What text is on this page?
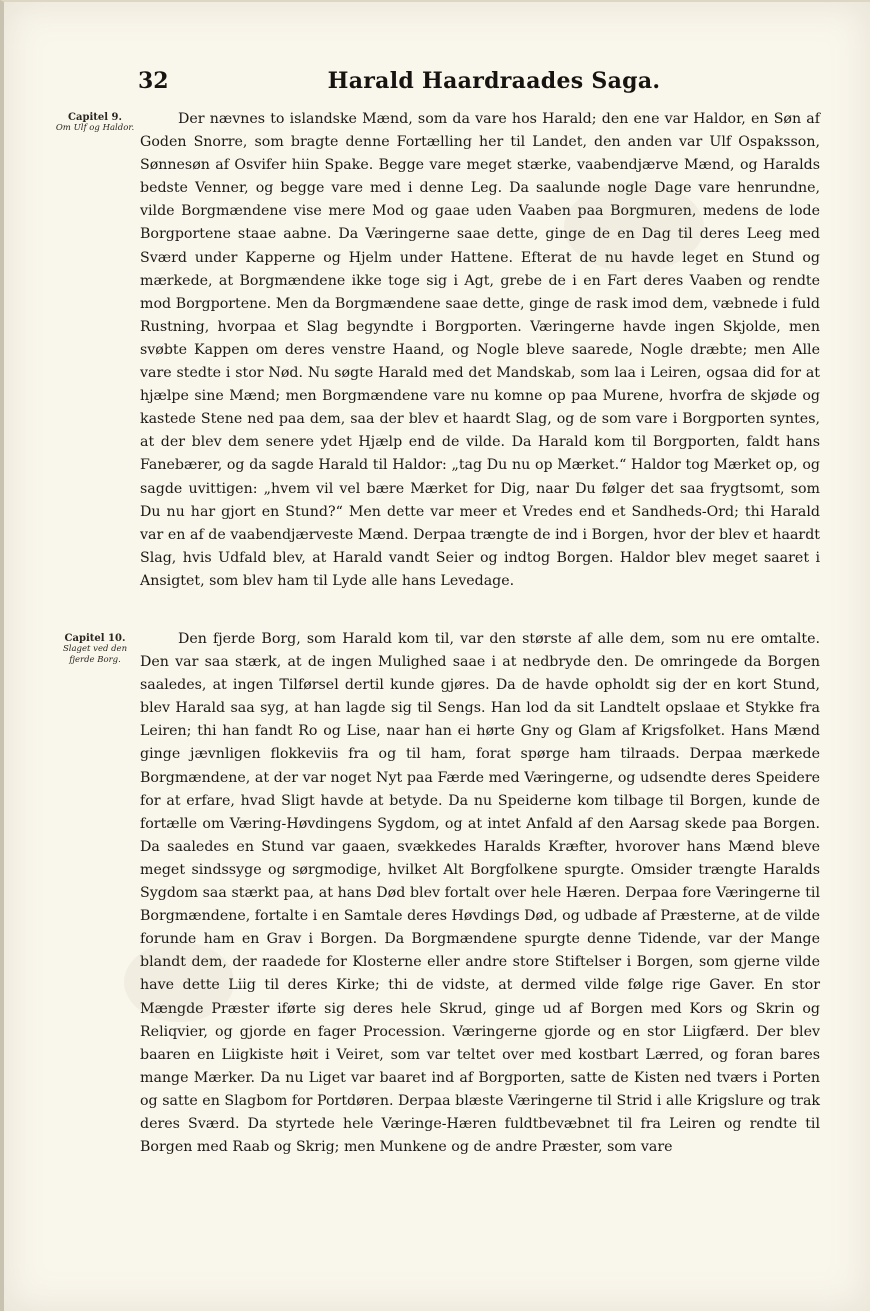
32	Harald Haardraades Saga.
Capitel 9.
Om Ulf og Haldor.

Der nævnes to islandske Mænd, som da vare hos Harald; den ene var Haldor, en Søn af Goden Snorre, som bragte denne Fortælling her til Landet, den anden var Ulf Ospaksson, Sønnesøn af Osvifer hiin Spake. Begge vare meget stærke, vaabendjærve Mænd, og Haralds bedste Venner, og begge vare med i denne Leg. Da saalunde nogle Dage vare henrundne, vilde Borgmændene vise mere Mod og gaae uden Vaaben paa Borgmuren, medens de lode Borgportene staae aabne. Da Væringerne saae dette, ginge de en Dag til deres Leeg med Sværd under Kapperne og Hjelm under Hattene. Efterat de nu havde leget en Stund og mærkede, at Borgmændene ikke toge sig i Agt, grebe de i en Fart deres Vaaben og rendte mod Borgportene. Men da Borgmændene saae dette, ginge de rask imod dem, væbnede i fuld Rustning, hvorpaa et Slag begyndte i Borgporten. Væringerne havde ingen Skjolde, men svøbte Kappen om deres venstre Haand, og Nogle bleve saarede, Nogle dræbte; men Alle vare stedte i stor Nød. Nu søgte Harald med det Mandskab, som laa i Leiren, ogsaa did for at hjælpe sine Mænd; men Borgmændene vare nu komne op paa Murene, hvorfra de skjøde og kastede Stene ned paa dem, saa der blev et haardt Slag, og de som vare i Borgporten syntes, at der blev dem senere ydet Hjælp end de vilde. Da Harald kom til Borgporten, faldt hans Fanebærer, og da sagde Harald til Haldor: „tag Du nu op Mærket.“ Haldor tog Mærket op, og sagde uvittigen: „hvem vil vel bære Mærket for Dig, naar Du følger det saa frygtsomt, som Du nu har gjort en Stund?“ Men dette var meer et Vredes end et Sandheds-Ord; thi Harald var en af de vaabendjærveste Mænd. Derpaa trængte de ind i Borgen, hvor der blev et haardt Slag, hvis Udfald blev, at Harald vandt Seier og indtog Borgen. Haldor blev meget saaret i Ansigtet, som blev ham til Lyde alle hans Levedage.

Capitel 10.
Slaget ved den fjerde Borg.

Den fjerde Borg, som Harald kom til, var den største af alle dem, som nu ere omtalte. Den var saa stærk, at de ingen Mulighed saae i at nedbryde den. De omringede da Borgen saaledes, at ingen Tilførsel dertil kunde gjøres. Da de havde opholdt sig der en kort Stund, blev Harald saa syg, at han lagde sig til Sengs. Han lod da sit Landtelt opslaae et Stykke fra Leiren; thi han fandt Ro og Lise, naar han ei hørte Gny og Glam af Krigsfolket. Hans Mænd ginge jævnligen flokkeviis fra og til ham, forat spørge ham tilraads. Derpaa mærkede Borgmændene, at der var noget Nyt paa Færde med Væringerne, og udsendte deres Speidere for at erfare, hvad Sligt havde at betyde. Da nu Speiderne kom tilbage til Borgen, kunde de fortælle om Væring-Høvdingens Sygdom, og at intet Anfald af den Aarsag skede paa Borgen. Da saaledes en Stund var gaaen, svækkedes Haralds Kræfter, hvorover hans Mænd bleve meget sindssyge og sørgmodige, hvilket Alt Borgfolkene spurgte. Omsider trængte Haralds Sygdom saa stærkt paa, at hans Død blev fortalt over hele Hæren. Derpaa fore Væringerne til Borgmændene, fortalte i en Samtale deres Høvdings Død, og udbade af Præsterne, at de vilde forunde ham en Grav i Borgen. Da Borgmændene spurgte denne Tidende, var der Mange blandt dem, der raadede for Klosterne eller andre store Stiftelser i Borgen, som gjerne vilde have dette Liig til deres Kirke; thi de vidste, at dermed vilde følge rige Gaver. En stor Mængde Præster iførte sig deres hele Skrud, ginge ud af Borgen med Kors og Skrin og Reliqvier, og gjorde en fager Procession. Væringerne gjorde og en stor Liigfærd. Der blev baaren en Liigkiste høit i Veiret, som var teltet over med kostbart Lærred, og foran bares mange Mærker. Da nu Liget var baaret ind af Borgporten, satte de Kisten ned tværs i Porten og satte en Slagbom for Portdøren. Derpaa blæste Væringerne til Strid i alle Krigslure og trak deres Sværd. Da styrtede hele Væringe-Hæren fuldtbevæbnet til fra Leiren og rendte til Borgen med Raab og Skrig; men Munkene og de andre Præster, som vare
